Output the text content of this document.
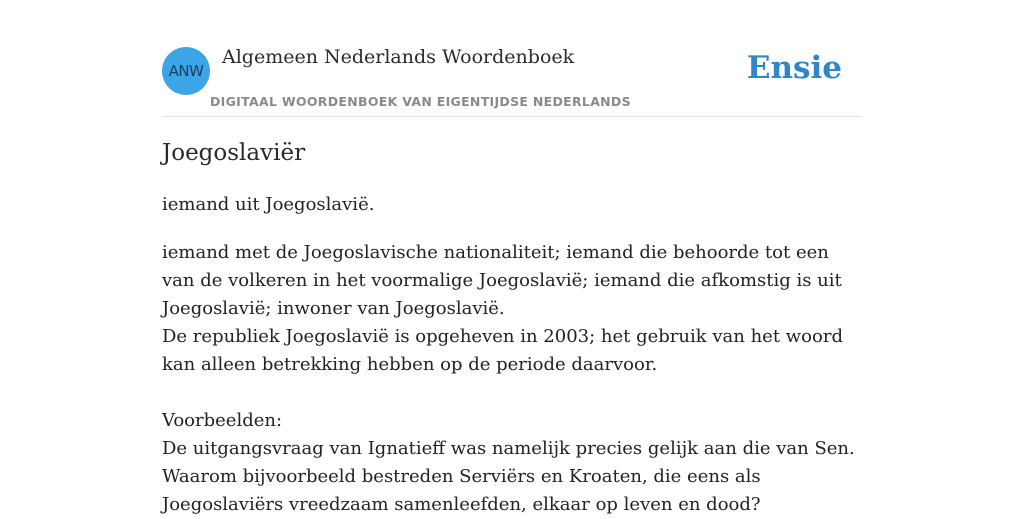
ANW
Algemeen Nederlands Woordenboek
DIGITAAL WOORDENBOEK VAN EIGENTIJDSE NEDERLANDS
Ensie
Joegoslaviër
iemand uit Joegoslavië.

iemand met de Joegoslavische nationaliteit; iemand die behoorde tot een van de volkeren in het voormalige Joegoslavië; iemand die afkomstig is uit Joegoslavië; inwoner van Joegoslavië.

De republiek Joegoslavië is opgeheven in 2003; het gebruik van het woord kan alleen betrekking hebben op de periode daarvoor.

Voorbeelden:

De uitgangsvraag van Ignatieff was namelijk precies gelijk aan die van Sen.

Waarom bijvoorbeeld bestreden Serviërs en Kroaten, die eens als Joegoslaviërs vreedzaam samenleefden, elkaar op leven en dood?
